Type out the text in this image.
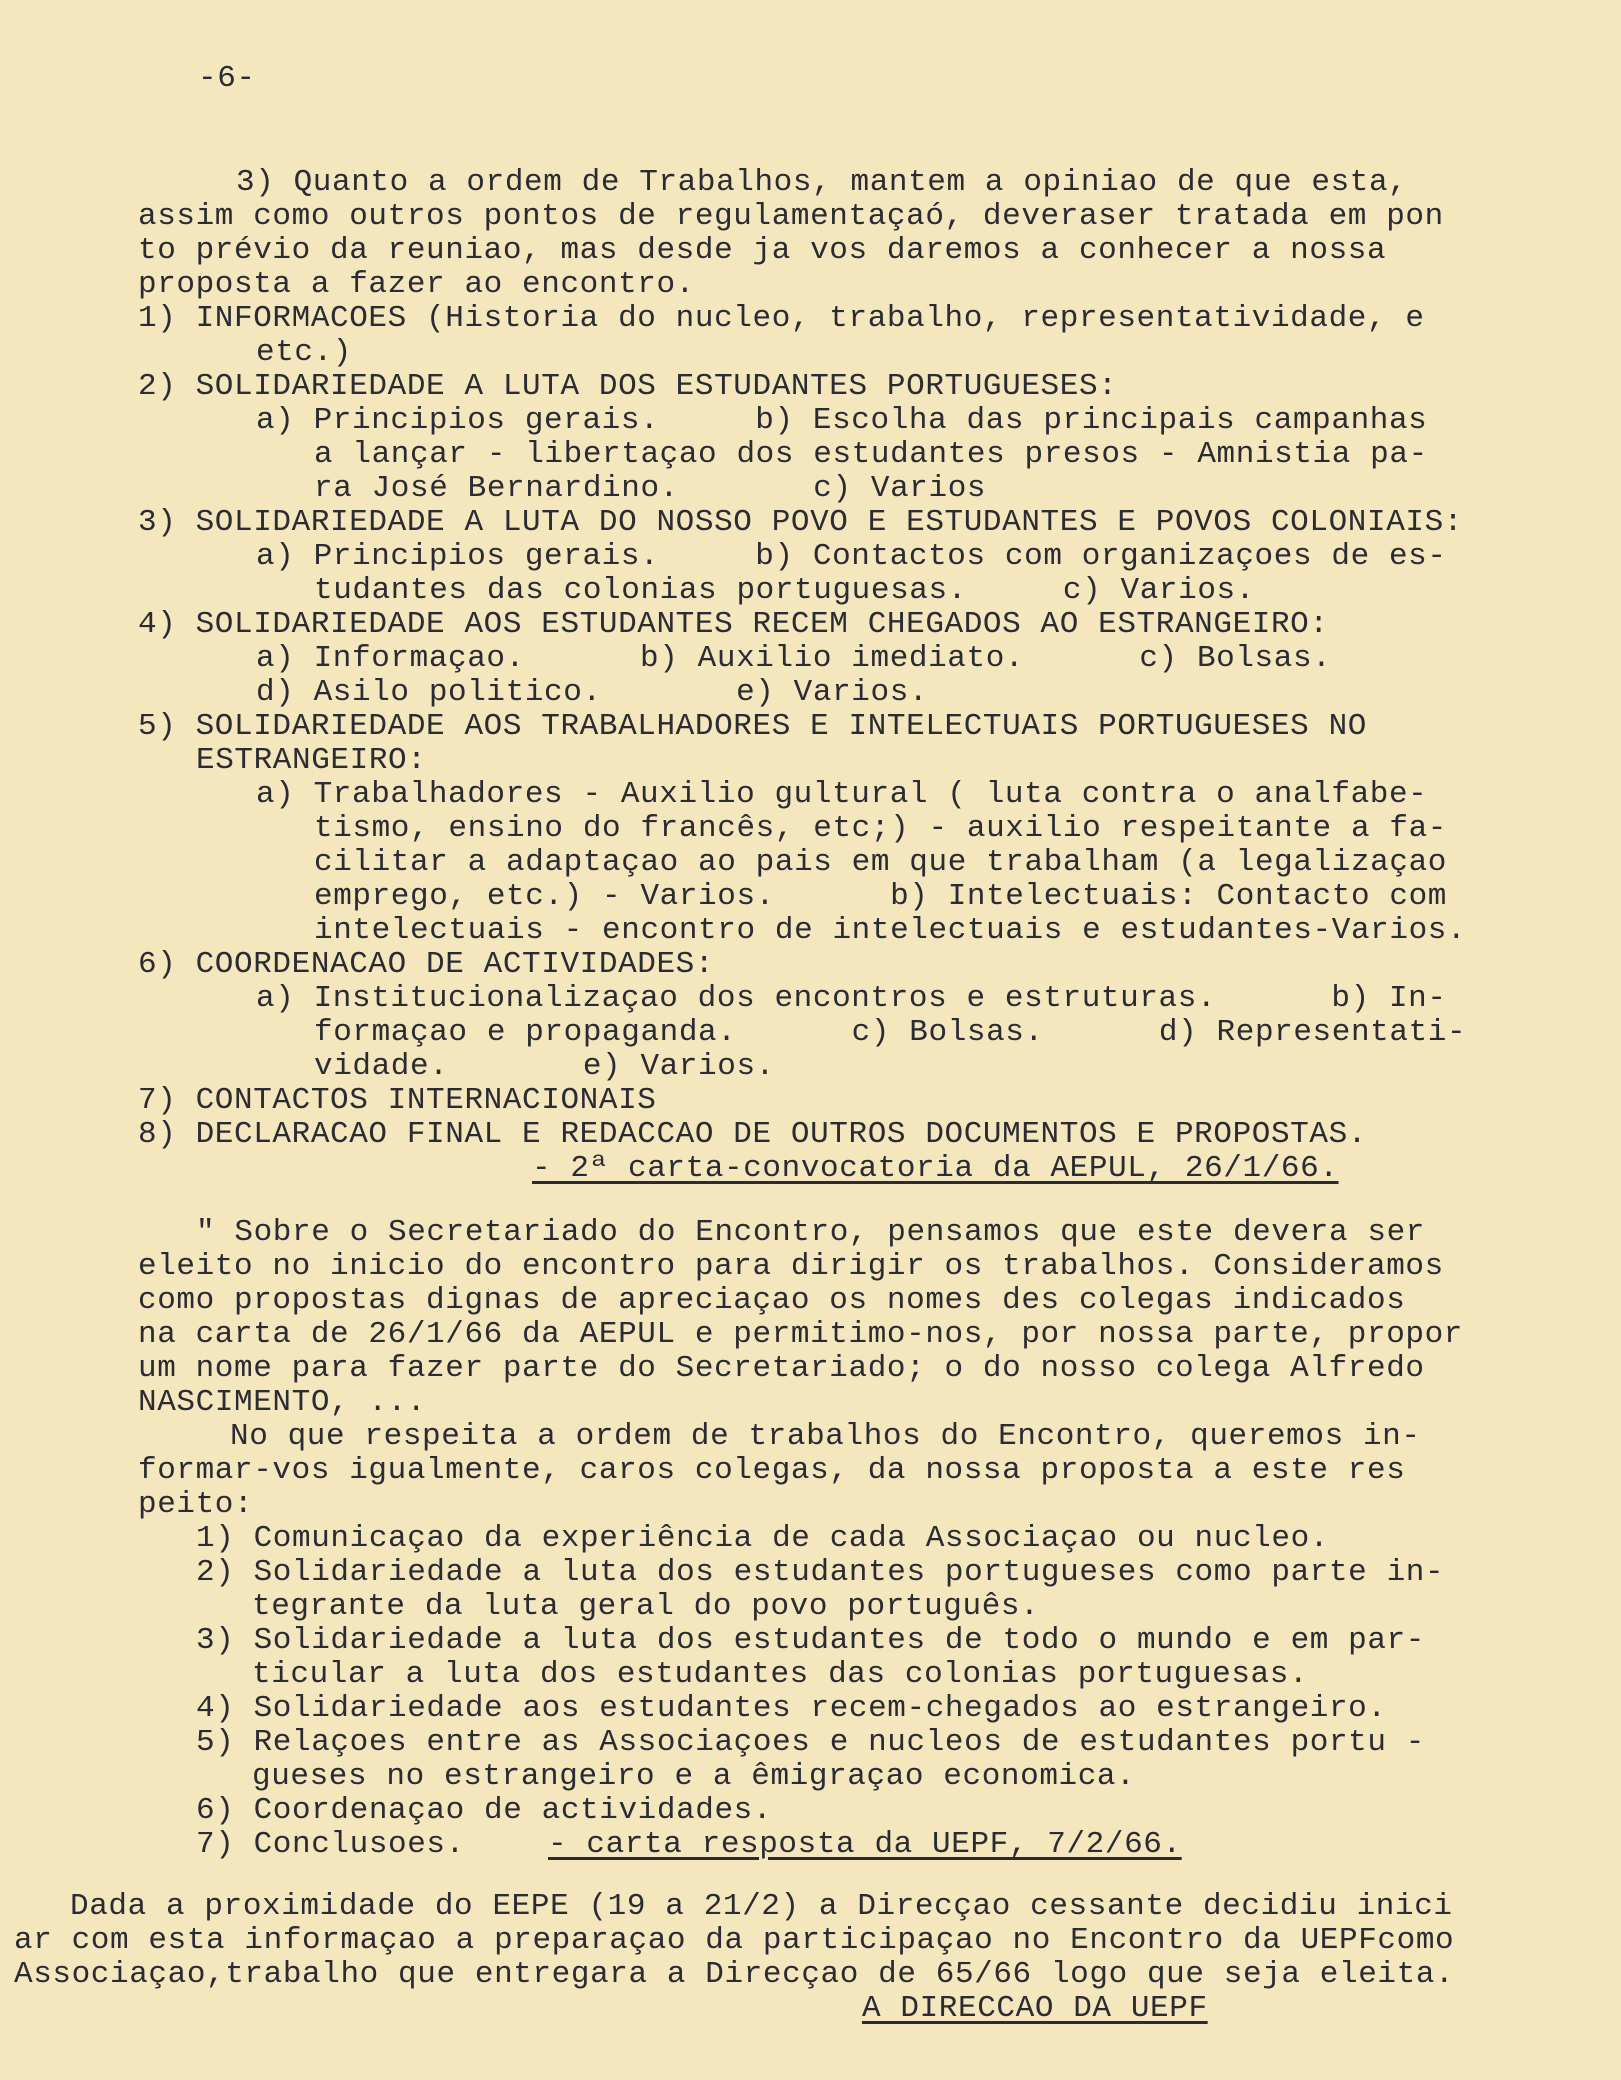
-6-
3) Quanto a ordem de Trabalhos, mantem a opiniao de que esta,
assim como outros pontos de regulamentaçaó, deveraser tratada em pon
to prévio da reuniao, mas desde ja vos daremos a conhecer a nossa
proposta a fazer ao encontro.
1) INFORMACOES (Historia do nucleo, trabalho, representatividade, e
etc.)
2) SOLIDARIEDADE A LUTA DOS ESTUDANTES PORTUGUESES:
a) Principios gerais.     b) Escolha das principais campanhas
a lançar - libertaçao dos estudantes presos - Amnistia pa-
ra José Bernardino.       c) Varios
3) SOLIDARIEDADE A LUTA DO NOSSO POVO E ESTUDANTES E POVOS COLONIAIS:
a) Principios gerais.     b) Contactos com organizaçoes de es-
tudantes das colonias portuguesas.     c) Varios.
4) SOLIDARIEDADE AOS ESTUDANTES RECEM CHEGADOS AO ESTRANGEIRO:
a) Informaçao.      b) Auxilio imediato.      c) Bolsas.
d) Asilo politico.       e) Varios.
5) SOLIDARIEDADE AOS TRABALHADORES E INTELECTUAIS PORTUGUESES NO
ESTRANGEIRO:
a) Trabalhadores - Auxilio gultural ( luta contra o analfabe-
tismo, ensino do francês, etc;) - auxilio respeitante a fa-
cilitar a adaptaçao ao pais em que trabalham (a legalizaçao
emprego, etc.) - Varios.      b) Intelectuais: Contacto com
intelectuais - encontro de intelectuais e estudantes-Varios.
6) COORDENACAO DE ACTIVIDADES:
a) Institucionalizaçao dos encontros e estruturas.      b) In-
formaçao e propaganda.      c) Bolsas.      d) Representati-
vidade.       e) Varios.
7) CONTACTOS INTERNACIONAIS
8) DECLARACAO FINAL E REDACCAO DE OUTROS DOCUMENTOS E PROPOSTAS.
- 2ª carta-convocatoria da AEPUL, 26/1/66.
" Sobre o Secretariado do Encontro, pensamos que este devera ser
eleito no inicio do encontro para dirigir os trabalhos. Consideramos
como propostas dignas de apreciaçao os nomes des colegas indicados
na carta de 26/1/66 da AEPUL e permitimo-nos, por nossa parte, propor
um nome para fazer parte do Secretariado; o do nosso colega Alfredo
NASCIMENTO, ...
No que respeita a ordem de trabalhos do Encontro, queremos in-
formar-vos igualmente, caros colegas, da nossa proposta a este res
peito:
1) Comunicaçao da experiência de cada Associaçao ou nucleo.
2) Solidariedade a luta dos estudantes portugueses como parte in-
tegrante da luta geral do povo português.
3) Solidariedade a luta dos estudantes de todo o mundo e em par-
ticular a luta dos estudantes das colonias portuguesas.
4) Solidariedade aos estudantes recem-chegados ao estrangeiro.
5) Relaçoes entre as Associaçoes e nucleos de estudantes portu -
gueses no estrangeiro e a êmigraçao economica.
6) Coordenaçao de actividades.
7) Conclusoes.	- carta resposta da UEPF, 7/2/66.
Dada a proximidade do EEPE (19 a 21/2) a Direcçao cessante decidiu inici
ar com esta informaçao a preparaçao da participaçao no Encontro da UEPFcomo
Associaçao,trabalho que entregara a Direcçao de 65/66 logo que seja eleita.
A DIRECCAO DA UEPF
